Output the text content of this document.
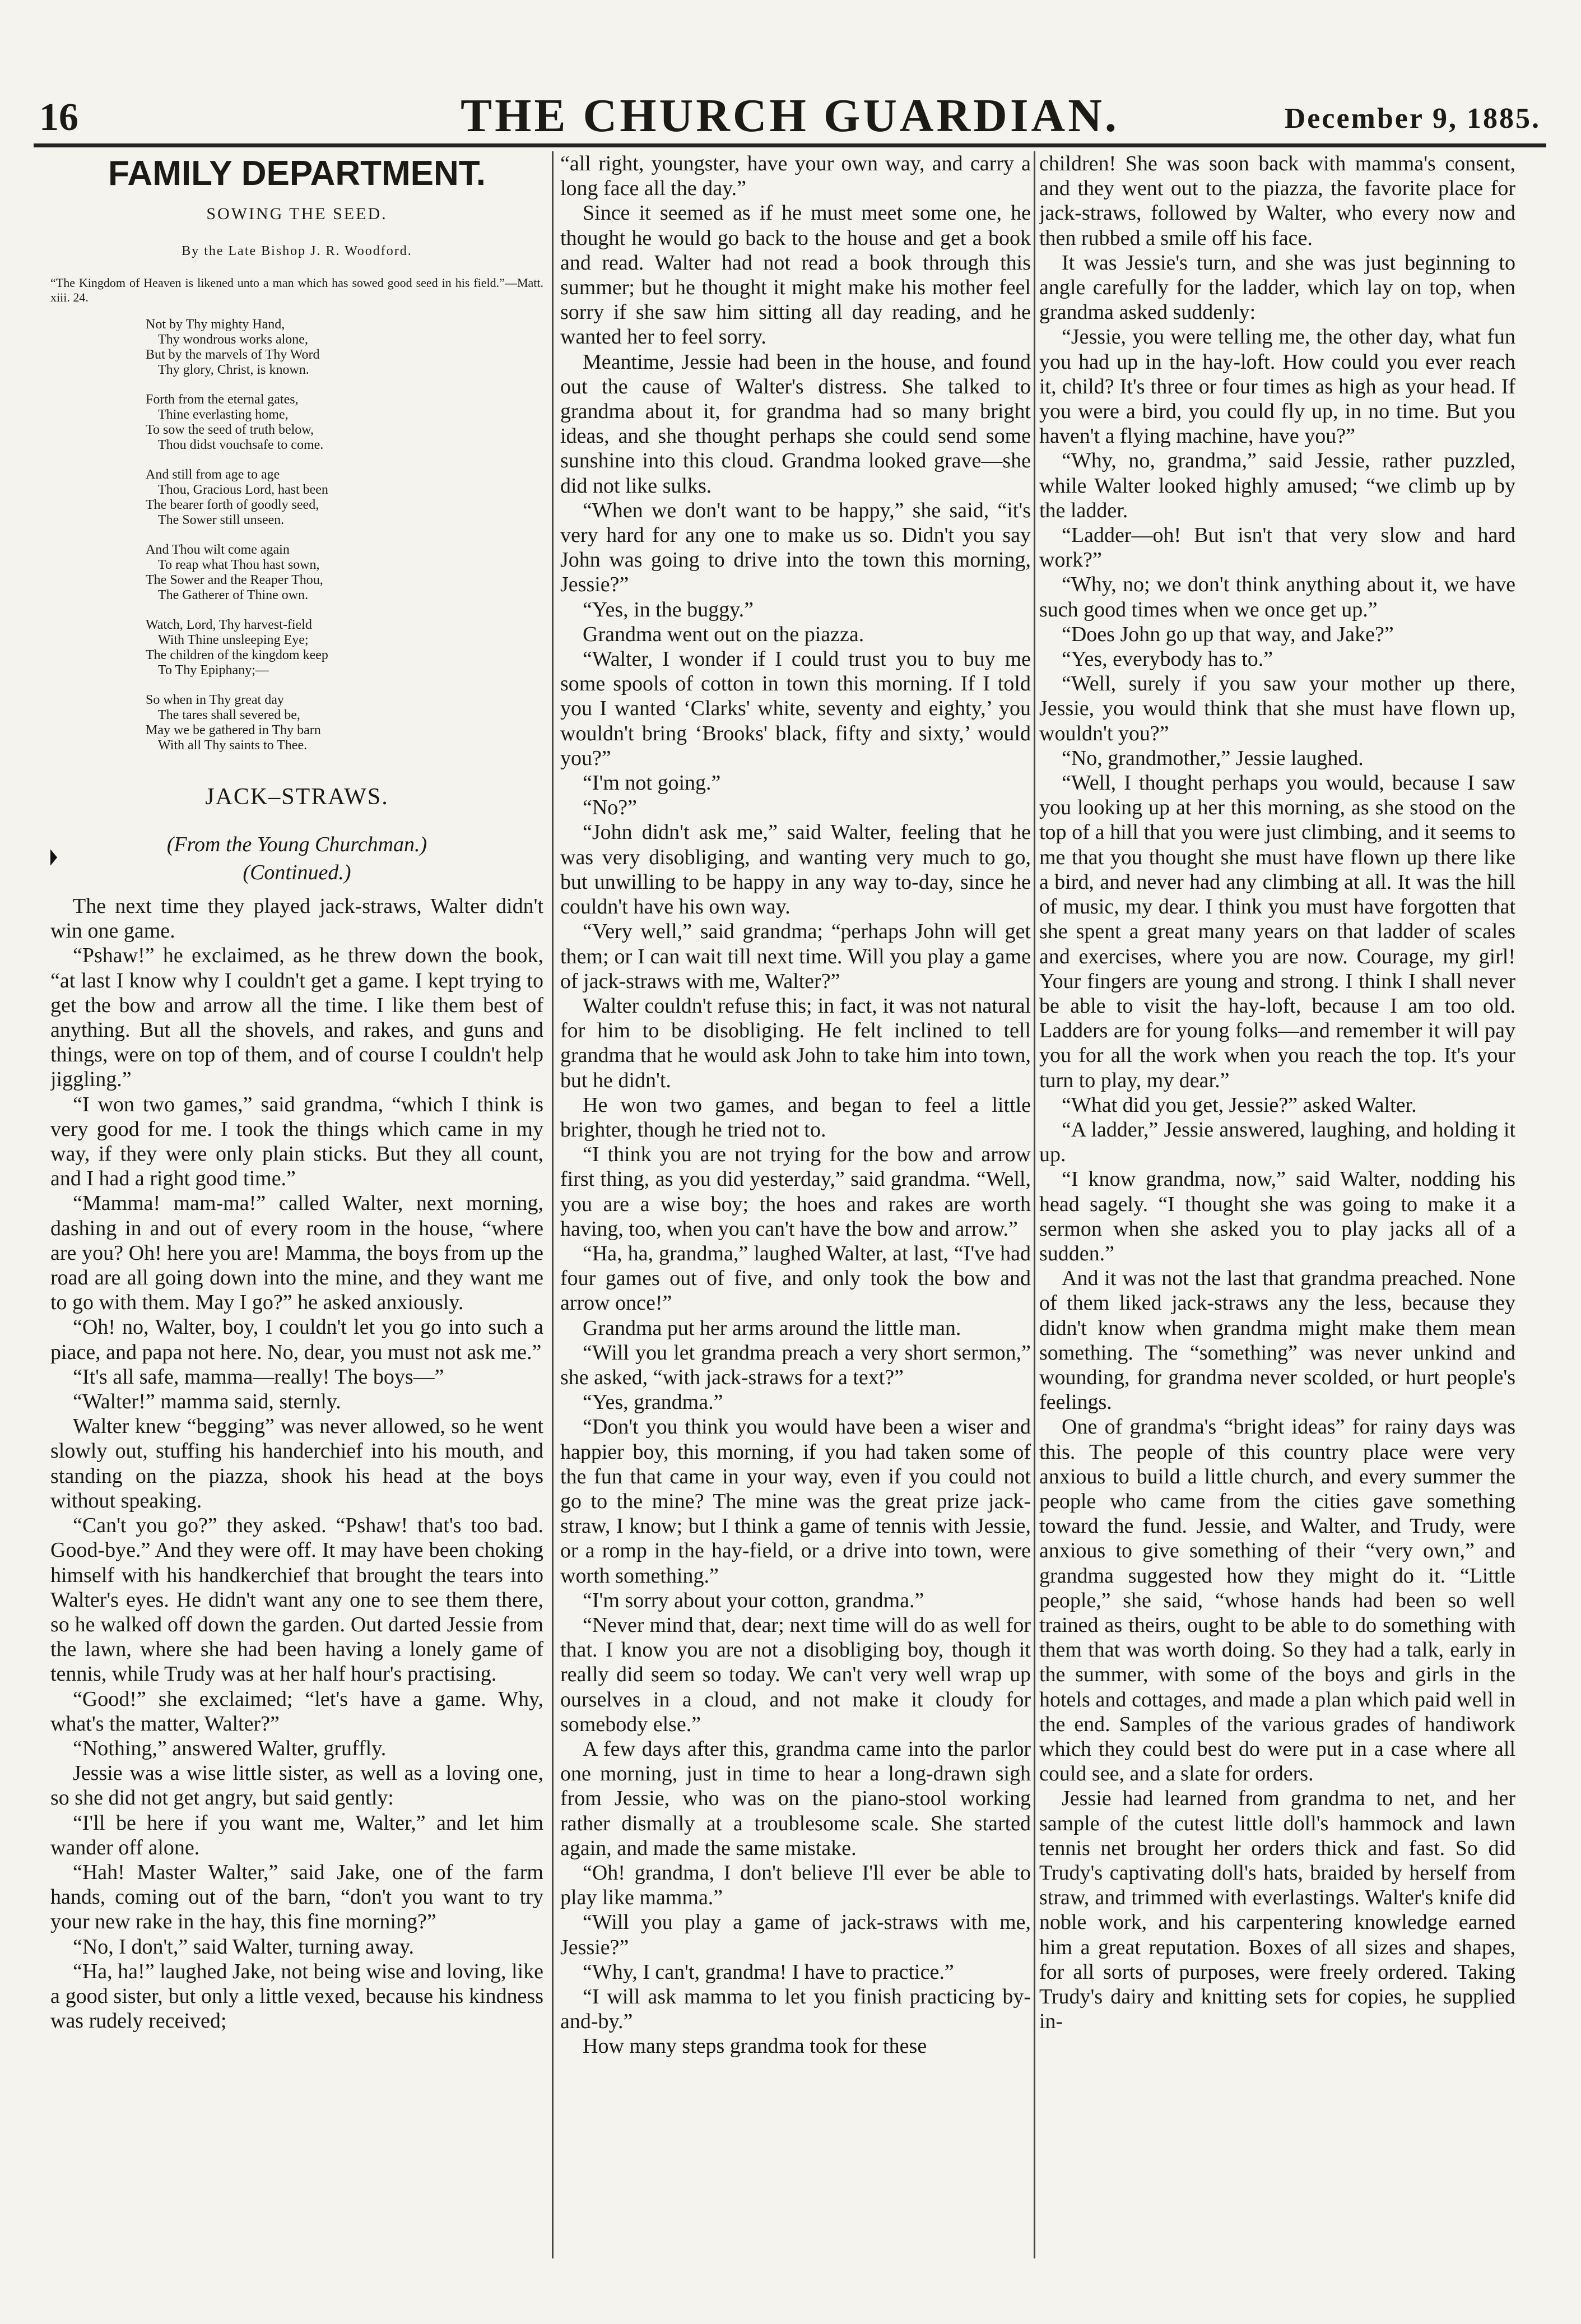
16	THE CHURCH GUARDIAN.	December 9, 1885.
FAMILY DEPARTMENT.
SOWING THE SEED.
By the Late Bishop J. R. Woodford.

“The Kingdom of Heaven is likened unto a man which has sowed good seed in his field.”—Matt. xiii. 24.

Not by Thy mighty Hand,
Thy wondrous works alone,
But by the marvels of Thy Word
Thy glory, Christ, is known.
Forth from the eternal gates,
Thine everlasting home,
To sow the seed of truth below,
Thou didst vouchsafe to come.
And still from age to age
Thou, Gracious Lord, hast been
The bearer forth of goodly seed,
The Sower still unseen.
And Thou wilt come again
To reap what Thou hast sown,
The Sower and the Reaper Thou,
The Gatherer of Thine own.
Watch, Lord, Thy harvest-field
With Thine unsleeping Eye;
The children of the kingdom keep
To Thy Epiphany;—
So when in Thy great day
The tares shall severed be,
May we be gathered in Thy barn
With all Thy saints to Thee.
JACK–STRAWS.
(From the Young Churchman.)
(Continued.)

The next time they played jack-straws, Walter didn't win one game.

“Pshaw!” he exclaimed, as he threw down the book, “at last I know why I couldn't get a game. I kept trying to get the bow and arrow all the time. I like them best of anything. But all the shovels, and rakes, and guns and things, were on top of them, and of course I couldn't help jiggling.”

“I won two games,” said grandma, “which I think is very good for me. I took the things which came in my way, if they were only plain sticks. But they all count, and I had a right good time.”

“Mamma! mam-ma!” called Walter, next morning, dashing in and out of every room in the house, “where are you? Oh! here you are! Mamma, the boys from up the road are all going down into the mine, and they want me to go with them. May I go?” he asked anxiously.

“Oh! no, Walter, boy, I couldn't let you go into such a piace, and papa not here. No, dear, you must not ask me.”

“It's all safe, mamma—really! The boys—”

“Walter!” mamma said, sternly.

Walter knew “begging” was never allowed, so he went slowly out, stuffing his handerchief into his mouth, and standing on the piazza, shook his head at the boys without speaking.

“Can't you go?” they asked. “Pshaw! that's too bad. Good-bye.” And they were off. It may have been choking himself with his handkerchief that brought the tears into Walter's eyes. He didn't want any one to see them there, so he walked off down the garden. Out darted Jessie from the lawn, where she had been having a lonely game of tennis, while Trudy was at her half hour's practising.

“Good!” she exclaimed; “let's have a game. Why, what's the matter, Walter?”

“Nothing,” answered Walter, gruffly.

Jessie was a wise little sister, as well as a loving one, so she did not get angry, but said gently:

“I'll be here if you want me, Walter,” and let him wander off alone.

“Hah! Master Walter,” said Jake, one of the farm hands, coming out of the barn, “don't you want to try your new rake in the hay, this fine morning?”

“No, I don't,” said Walter, turning away.

“Ha, ha!” laughed Jake, not being wise and loving, like a good sister, but only a little vexed, because his kindness was rudely received;

“all right, youngster, have your own way, and carry a long face all the day.”

Since it seemed as if he must meet some one, he thought he would go back to the house and get a book and read. Walter had not read a book through this summer; but he thought it might make his mother feel sorry if she saw him sitting all day reading, and he wanted her to feel sorry.

Meantime, Jessie had been in the house, and found out the cause of Walter's distress. She talked to grandma about it, for grandma had so many bright ideas, and she thought perhaps she could send some sunshine into this cloud. Grandma looked grave—she did not like sulks.

“When we don't want to be happy,” she said, “it's very hard for any one to make us so. Didn't you say John was going to drive into the town this morning, Jessie?”

“Yes, in the buggy.”

Grandma went out on the piazza.

“Walter, I wonder if I could trust you to buy me some spools of cotton in town this morning. If I told you I wanted ‘Clarks' white, seventy and eighty,’ you wouldn't bring ‘Brooks' black, fifty and sixty,’ would you?”

“I'm not going.”

“No?”

“John didn't ask me,” said Walter, feeling that he was very disobliging, and wanting very much to go, but unwilling to be happy in any way to-day, since he couldn't have his own way.

“Very well,” said grandma; “perhaps John will get them; or I can wait till next time. Will you play a game of jack-straws with me, Walter?”

Walter couldn't refuse this; in fact, it was not natural for him to be disobliging. He felt inclined to tell grandma that he would ask John to take him into town, but he didn't.

He won two games, and began to feel a little brighter, though he tried not to.

“I think you are not trying for the bow and arrow first thing, as you did yesterday,” said grandma. “Well, you are a wise boy; the hoes and rakes are worth having, too, when you can't have the bow and arrow.”

“Ha, ha, grandma,” laughed Walter, at last, “I've had four games out of five, and only took the bow and arrow once!”

Grandma put her arms around the little man.

“Will you let grandma preach a very short sermon,” she asked, “with jack-straws for a text?”

“Yes, grandma.”

“Don't you think you would have been a wiser and happier boy, this morning, if you had taken some of the fun that came in your way, even if you could not go to the mine? The mine was the great prize jack-straw, I know; but I think a game of tennis with Jessie, or a romp in the hay-field, or a drive into town, were worth something.”

“I'm sorry about your cotton, grandma.”

“Never mind that, dear; next time will do as well for that. I know you are not a disobliging boy, though it really did seem so today. We can't very well wrap up ourselves in a cloud, and not make it cloudy for somebody else.”

A few days after this, grandma came into the parlor one morning, just in time to hear a long-drawn sigh from Jessie, who was on the piano-stool working rather dismally at a troublesome scale. She started again, and made the same mistake.

“Oh! grandma, I don't believe I'll ever be able to play like mamma.”

“Will you play a game of jack-straws with me, Jessie?”

“Why, I can't, grandma! I have to practice.”

“I will ask mamma to let you finish practicing by-and-by.”

How many steps grandma took for these

children! She was soon back with mamma's consent, and they went out to the piazza, the favorite place for jack-straws, followed by Walter, who every now and then rubbed a smile off his face.

It was Jessie's turn, and she was just beginning to angle carefully for the ladder, which lay on top, when grandma asked suddenly:

“Jessie, you were telling me, the other day, what fun you had up in the hay-loft. How could you ever reach it, child? It's three or four times as high as your head. If you were a bird, you could fly up, in no time. But you haven't a flying machine, have you?”

“Why, no, grandma,” said Jessie, rather puzzled, while Walter looked highly amused; “we climb up by the ladder.

“Ladder—oh! But isn't that very slow and hard work?”

“Why, no; we don't think anything about it, we have such good times when we once get up.”

“Does John go up that way, and Jake?”

“Yes, everybody has to.”

“Well, surely if you saw your mother up there, Jessie, you would think that she must have flown up, wouldn't you?”

“No, grandmother,” Jessie laughed.

“Well, I thought perhaps you would, because I saw you looking up at her this morning, as she stood on the top of a hill that you were just climbing, and it seems to me that you thought she must have flown up there like a bird, and never had any climbing at all. It was the hill of music, my dear. I think you must have forgotten that she spent a great many years on that ladder of scales and exercises, where you are now. Courage, my girl! Your fingers are young and strong. I think I shall never be able to visit the hay-loft, because I am too old. Ladders are for young folks—and remember it will pay you for all the work when you reach the top. It's your turn to play, my dear.”

“What did you get, Jessie?” asked Walter.

“A ladder,” Jessie answered, laughing, and holding it up.

“I know grandma, now,” said Walter, nodding his head sagely. “I thought she was going to make it a sermon when she asked you to play jacks all of a sudden.”

And it was not the last that grandma preached. None of them liked jack-straws any the less, because they didn't know when grandma might make them mean something. The “something” was never unkind and wounding, for grandma never scolded, or hurt people's feelings.

One of grandma's “bright ideas” for rainy days was this. The people of this country place were very anxious to build a little church, and every summer the people who came from the cities gave something toward the fund. Jessie, and Walter, and Trudy, were anxious to give something of their “very own,” and grandma suggested how they might do it. “Little people,” she said, “whose hands had been so well trained as theirs, ought to be able to do something with them that was worth doing. So they had a talk, early in the summer, with some of the boys and girls in the hotels and cottages, and made a plan which paid well in the end. Samples of the various grades of handiwork which they could best do were put in a case where all could see, and a slate for orders.

Jessie had learned from grandma to net, and her sample of the cutest little doll's hammock and lawn tennis net brought her orders thick and fast. So did Trudy's captivating doll's hats, braided by herself from straw, and trimmed with everlastings. Walter's knife did noble work, and his carpentering knowledge earned him a great reputation. Boxes of all sizes and shapes, for all sorts of purposes, were freely ordered. Taking Trudy's dairy and knitting sets for copies, he supplied in-
